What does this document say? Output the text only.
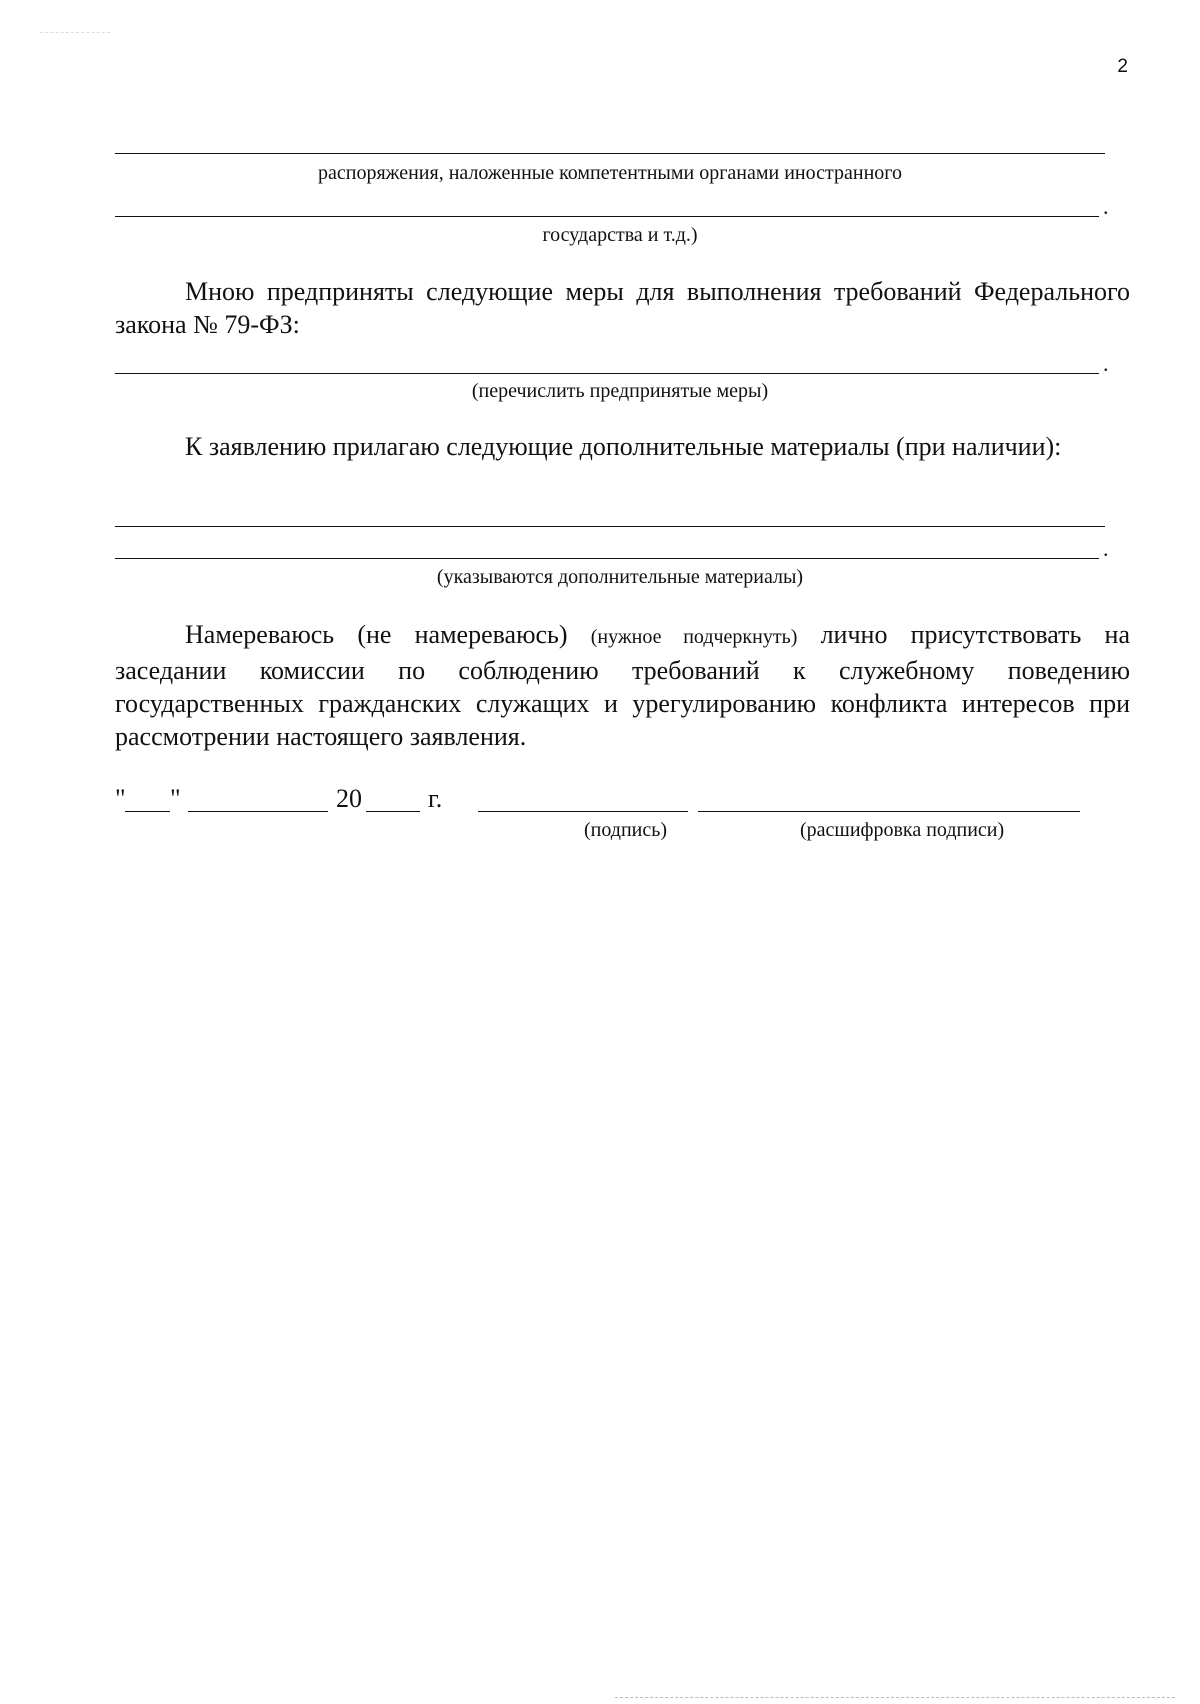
2
распоряжения, наложенные компетентными органами иностранного
.
государства и т.д.)

Мною предприняты следующие меры для выполнения требований Федерального закона № 79-ФЗ:

.
(перечислить предпринятые меры)

К заявлению прилагаю следующие дополнительные материалы (при наличии):

.
(указываются дополнительные материалы)

Намереваюсь (не намереваюсь) (нужное подчеркнуть) лично присутствовать на заседании комиссии по соблюдению требований к служебному поведению государственных гражданских служащих и урегулированию конфликта интересов при рассмотрении настоящего заявления.

" "	20	г.
(подпись)	(расшифровка подписи)
